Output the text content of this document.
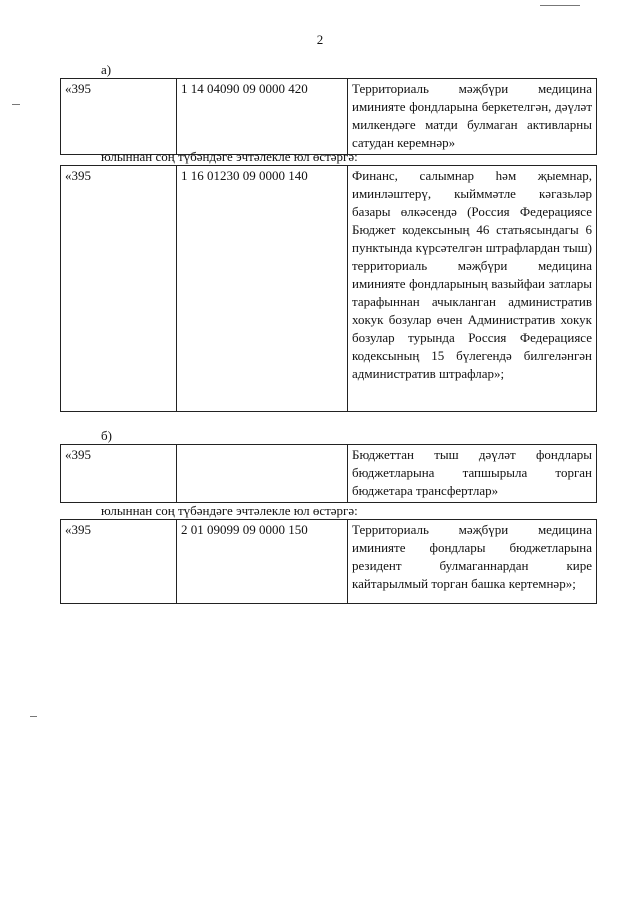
2
а)
«395	1 14 04090 09 0000 420	Территориаль мәҗбүри медицина иминияте фондларына беркетелгән, дәүләт милкендәге матди булмаган активларны сатудан керемнәр»
юлыннан соң түбәндәге эчтәлекле юл өстәргә:
«395	1 16 01230 09 0000 140	Финанс, салымнар һәм җыемнар, иминләштерү, кыйммәтле кәгазьләр базары өлкәсендә (Россия Федерациясе Бюджет кодексының 46 статьясындагы 6 пунктында күрсәтелгән штрафлардан тыш) территориаль мәҗбүри медицина иминияте фондларының вазыйфаи затлары тарафыннан ачыкланган административ хокук бозулар өчен Административ хокук бозулар турында Россия Федерациясе кодексының 15 бүлегендә билгеләнгән административ штрафлар»;
б)
«395		Бюджеттан тыш дәүләт фондлары бюджетларына тапшырыла торган бюджетара трансфертлар»
юлыннан соң түбәндәге эчтәлекле юл өстәргә:
«395	2 01 09099 09 0000 150	Территориаль мәҗбүри медицина иминияте фондлары бюджетларына резидент булмаганнардан кире кайтарылмый торган башка кертемнәр»;
